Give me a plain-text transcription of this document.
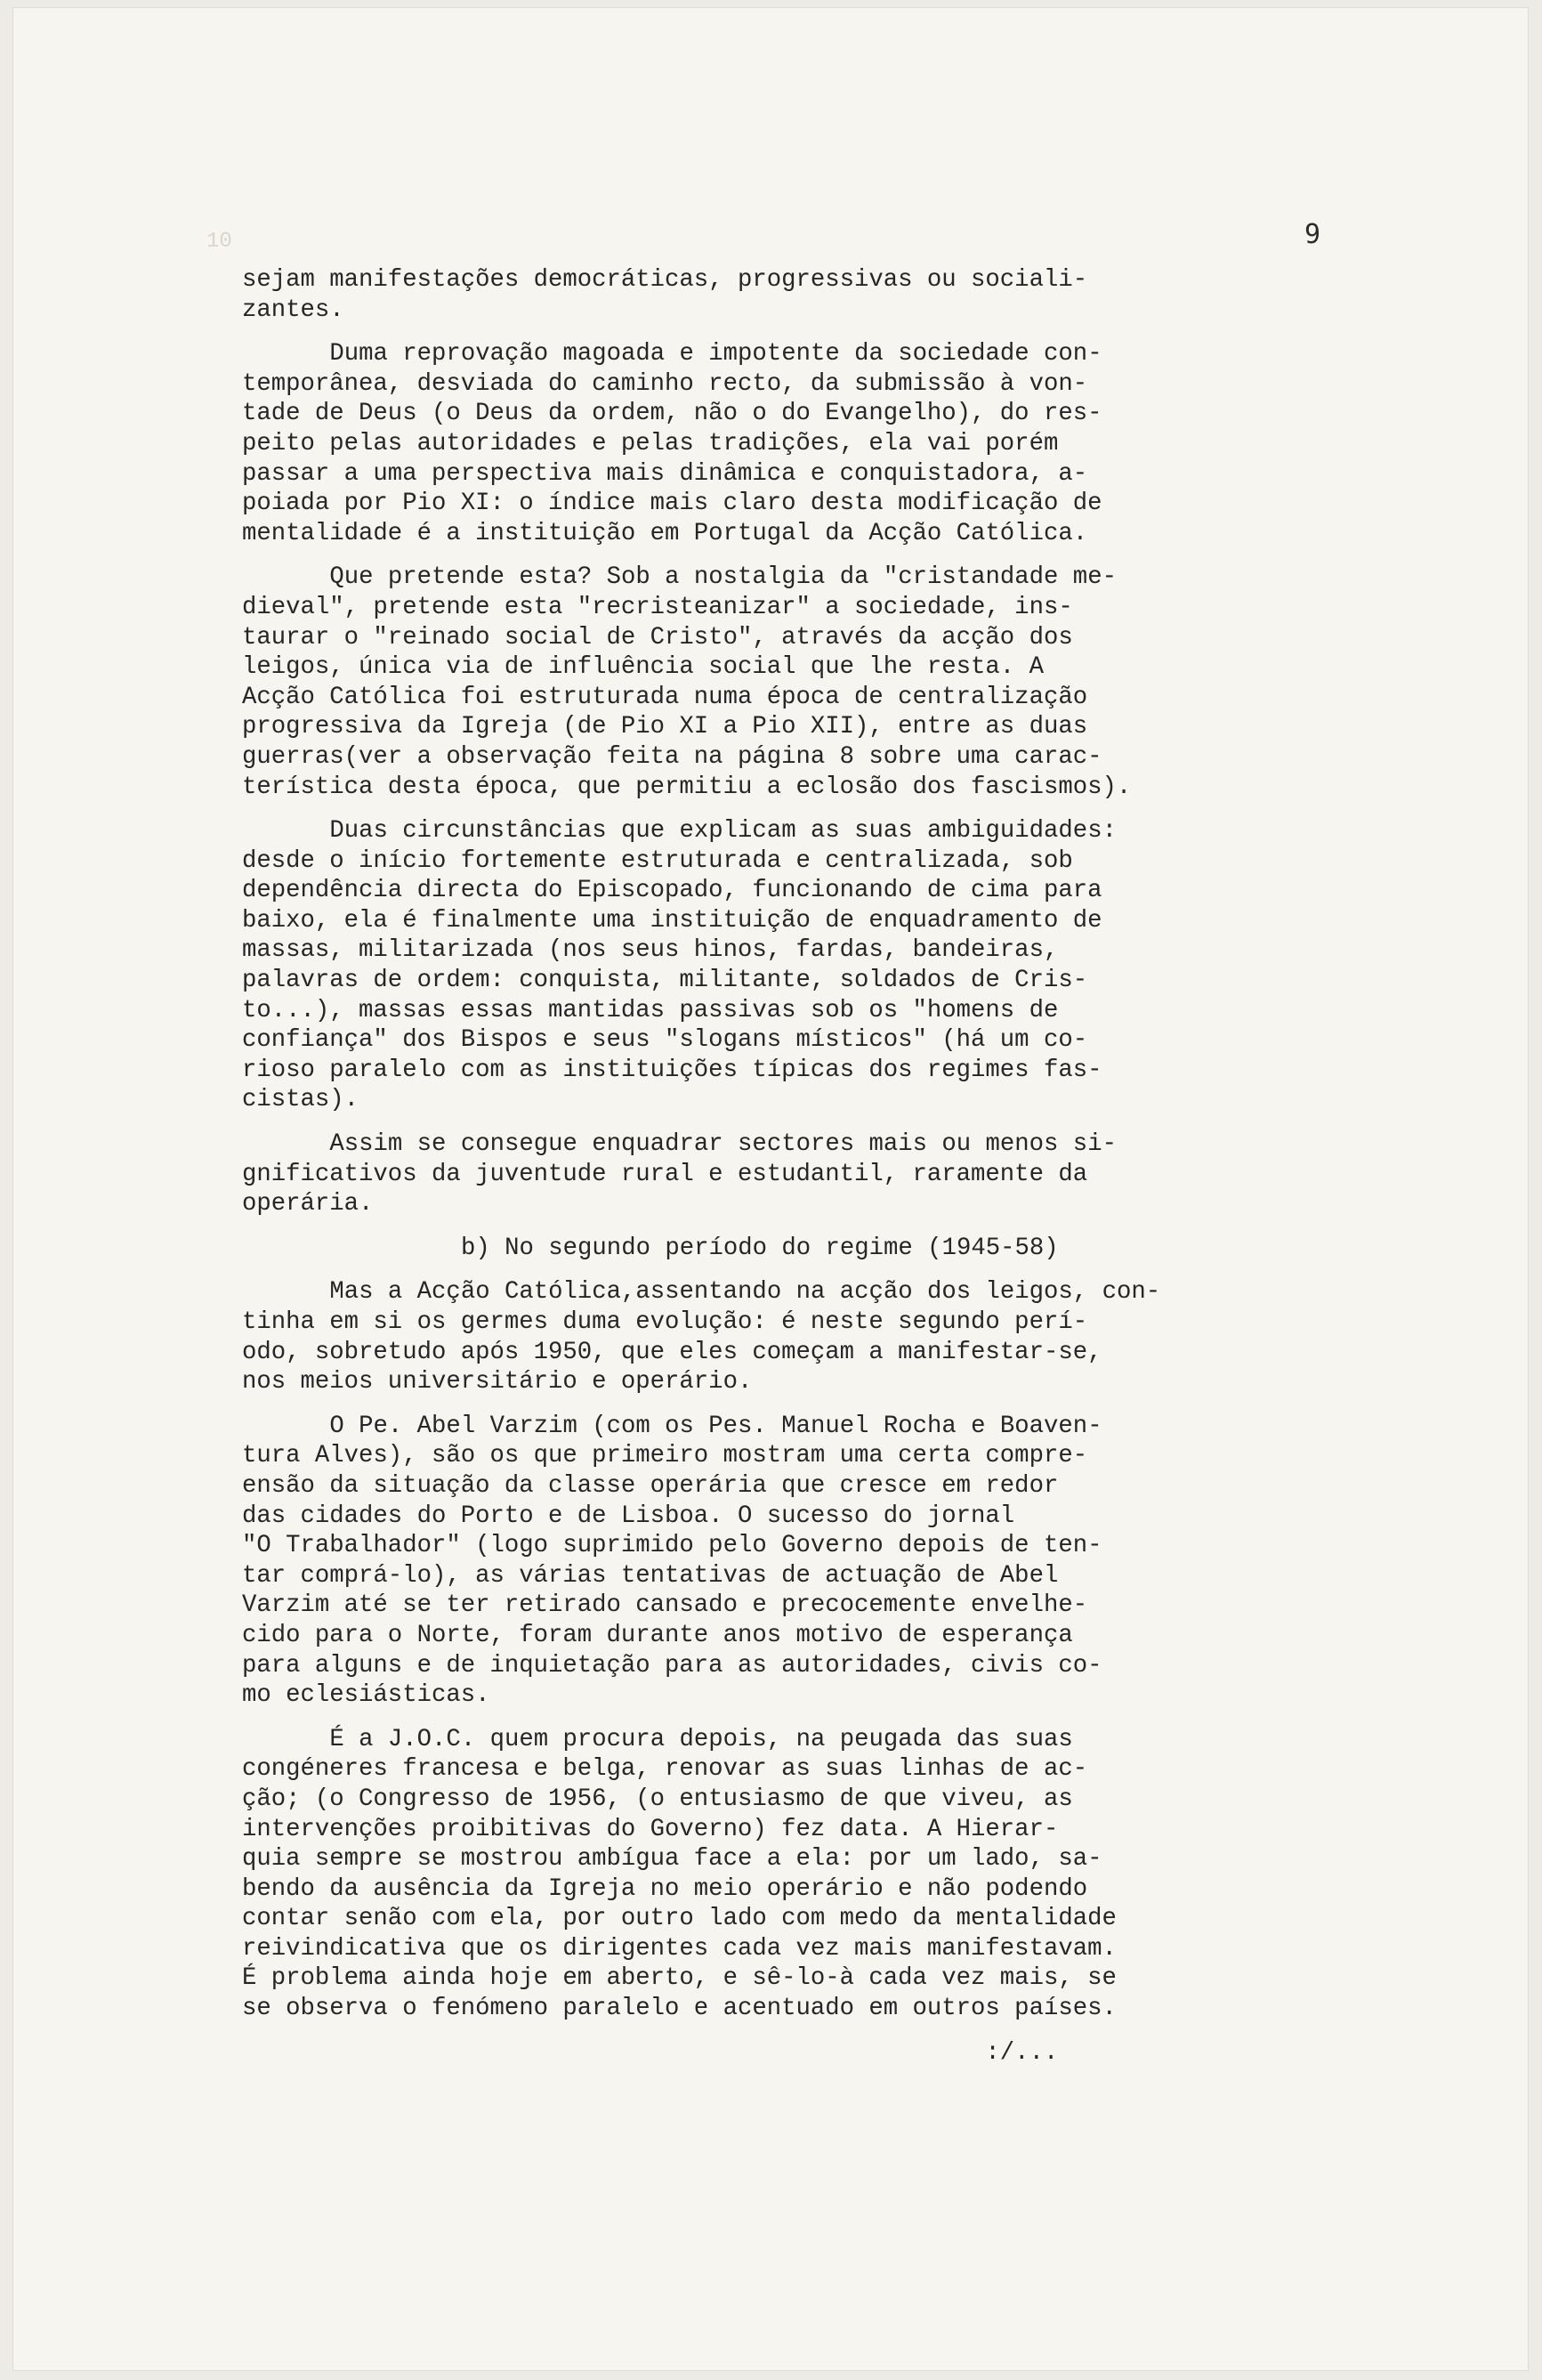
10	9
sejam manifestações democráticas, progressivas ou sociali-
zantes.
Duma reprovação magoada e impotente da sociedade con-
temporânea, desviada do caminho recto, da submissão à von-
tade de Deus (o Deus da ordem, não o do Evangelho), do res-
peito pelas autoridades e pelas tradições, ela vai porém
passar a uma perspectiva mais dinâmica e conquistadora, a-
poiada por Pio XI: o índice mais claro desta modificação de
mentalidade é a instituição em Portugal da Acção Católica.
Que pretende esta? Sob a nostalgia da "cristandade me-
dieval", pretende esta "recristeanizar" a sociedade, ins-
taurar o "reinado social de Cristo", através da acção dos
leigos, única via de influência social que lhe resta. A
Acção Católica foi estruturada numa época de centralização
progressiva da Igreja (de Pio XI a Pio XII), entre as duas
guerras(ver a observação feita na página 8 sobre uma carac-
terística desta época, que permitiu a eclosão dos fascismos).
Duas circunstâncias que explicam as suas ambiguidades:
desde o início fortemente estruturada e centralizada, sob
dependência directa do Episcopado, funcionando de cima para
baixo, ela é finalmente uma instituição de enquadramento de
massas, militarizada (nos seus hinos, fardas, bandeiras,
palavras de ordem: conquista, militante, soldados de Cris-
to...), massas essas mantidas passivas sob os "homens de
confiança" dos Bispos e seus "slogans místicos" (há um co-
rioso paralelo com as instituições típicas dos regimes fas-
cistas).
Assim se consegue enquadrar sectores mais ou menos si-
gnificativos da juventude rural e estudantil, raramente da
operária.
b) No segundo período do regime (1945-58)
Mas a Acção Católica,assentando na acção dos leigos, con-
tinha em si os germes duma evolução: é neste segundo perí-
odo, sobretudo após 1950, que eles começam a manifestar-se,
nos meios universitário e operário.
O Pe. Abel Varzim (com os Pes. Manuel Rocha e Boaven-
tura Alves), são os que primeiro mostram uma certa compre-
ensão da situação da classe operária que cresce em redor
das cidades do Porto e de Lisboa. O sucesso do jornal
"O Trabalhador" (logo suprimido pelo Governo depois de ten-
tar comprá-lo), as várias tentativas de actuação de Abel
Varzim até se ter retirado cansado e precocemente envelhe-
cido para o Norte, foram durante anos motivo de esperança
para alguns e de inquietação para as autoridades, civis co-
mo eclesiásticas.
É a J.O.C. quem procura depois, na peugada das suas
congéneres francesa e belga, renovar as suas linhas de ac-
ção; (o Congresso de 1956, (o entusiasmo de que viveu, as
intervenções proibitivas do Governo) fez data. A Hierar-
quia sempre se mostrou ambígua face a ela: por um lado, sa-
bendo da ausência da Igreja no meio operário e não podendo
contar senão com ela, por outro lado com medo da mentalidade
reivindicativa que os dirigentes cada vez mais manifestavam.
É problema ainda hoje em aberto, e sê-lo-à cada vez mais, se
se observa o fenómeno paralelo e acentuado em outros países.
:/...
